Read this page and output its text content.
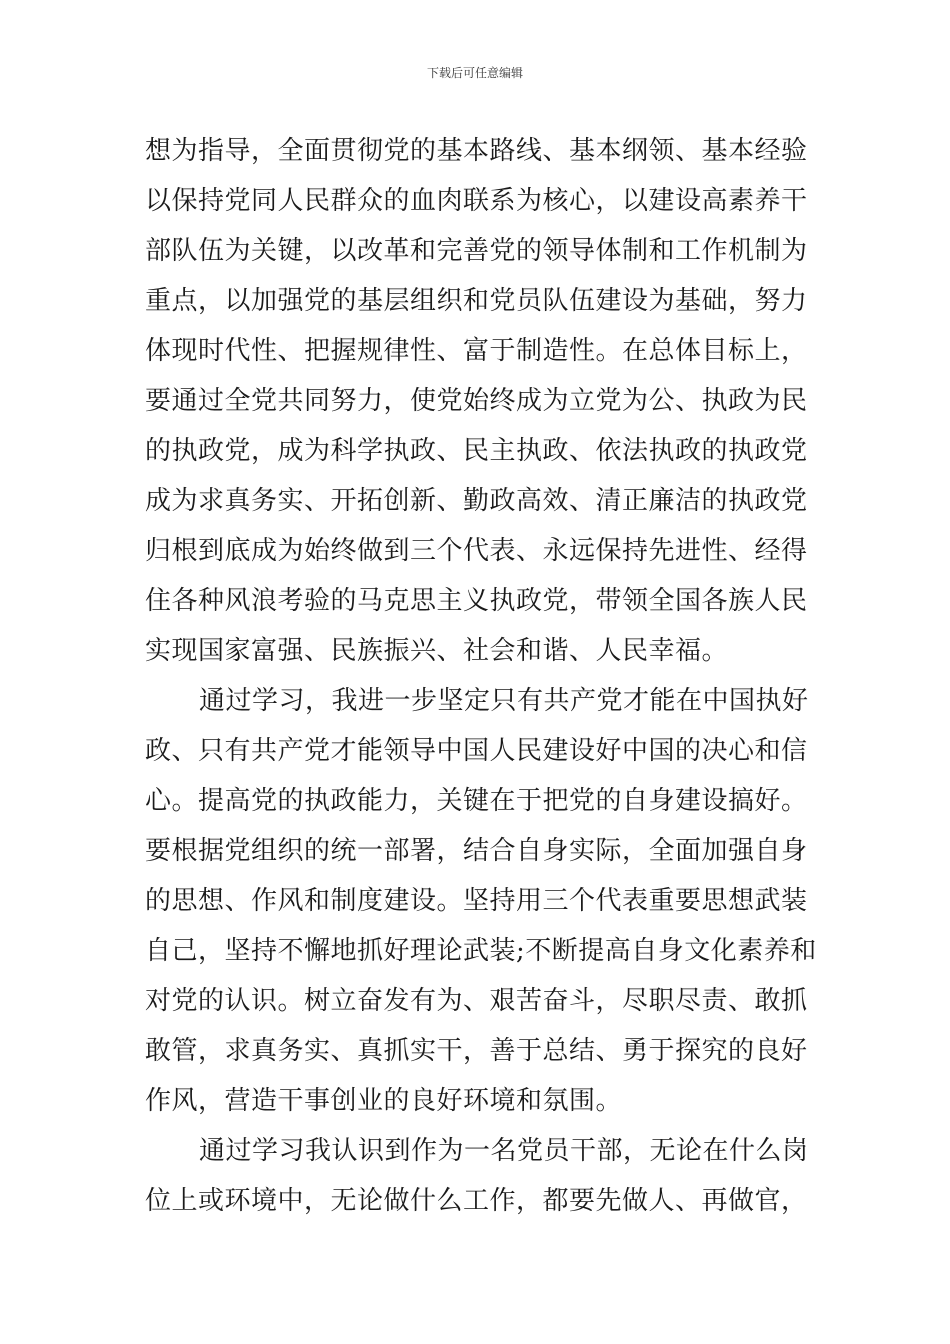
下载后可任意编辑
想为指导，全面贯彻党的基本路线、基本纲领、基本经验
以保持党同人民群众的血肉联系为核心，以建设高素养干
部队伍为关键，以改革和完善党的领导体制和工作机制为
重点，以加强党的基层组织和党员队伍建设为基础，努力
体现时代性、把握规律性、富于制造性。在总体目标上，
要通过全党共同努力，使党始终成为立党为公、执政为民
的执政党，成为科学执政、民主执政、依法执政的执政党
成为求真务实、开拓创新、勤政高效、清正廉洁的执政党
归根到底成为始终做到三个代表、永远保持先进性、经得
住各种风浪考验的马克思主义执政党，带领全国各族人民
实现国家富强、民族振兴、社会和谐、人民幸福。
通过学习，我进一步坚定只有共产党才能在中国执好
政、只有共产党才能领导中国人民建设好中国的决心和信
心。提高党的执政能力，关键在于把党的自身建设搞好。
要根据党组织的统一部署，结合自身实际，全面加强自身
的思想、作风和制度建设。坚持用三个代表重要思想武装
自己，坚持不懈地抓好理论武装;不断提高自身文化素养和
对党的认识。树立奋发有为、艰苦奋斗，尽职尽责、敢抓
敢管，求真务实、真抓实干，善于总结、勇于探究的良好
作风，营造干事创业的良好环境和氛围。
通过学习我认识到作为一名党员干部，无论在什么岗
位上或环境中，无论做什么工作，都要先做人、再做官，
